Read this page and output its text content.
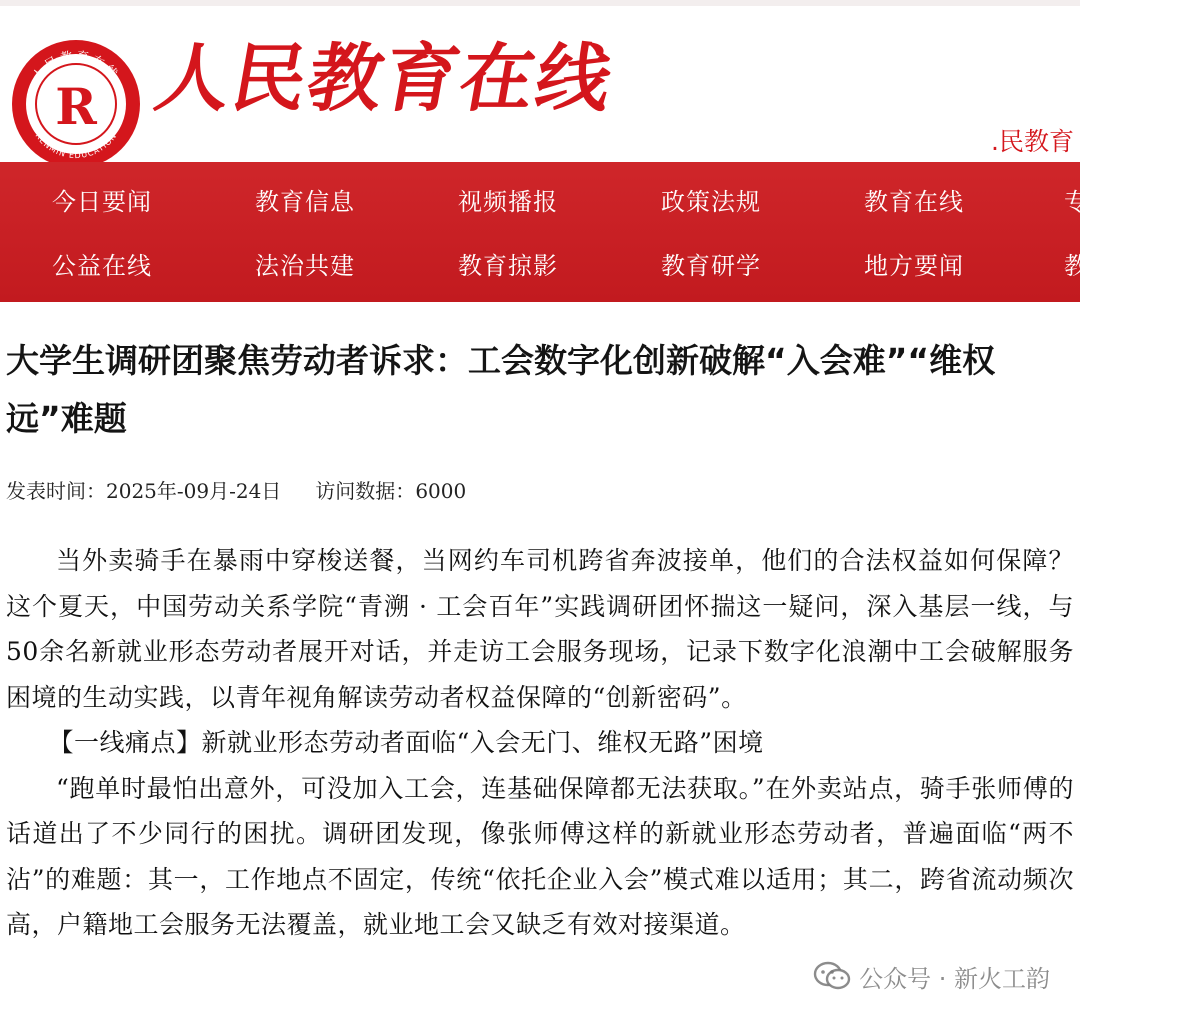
人民教育在线
RENMIN EDUCATION
R 人民教育在线
.民教育
今日要闻	教育信息	视频播报	政策法规	教育在线	专
公益在线	法治共建	教育掠影	教育研学	地方要闻	教
大学生调研团聚焦劳动者诉求：工会数字化创新破解“入会难”“维权远”难题
发表时间：2025年-09月-24日 访问数据：6000

当外卖骑手在暴雨中穿梭送餐，当网约车司机跨省奔波接单，他们的合法权益如何保障？这个夏天，中国劳动关系学院“青溯 · 工会百年”实践调研团怀揣这一疑问，深入基层一线，与50余名新就业形态劳动者展开对话，并走访工会服务现场，记录下数字化浪潮中工会破解服务困境的生动实践，以青年视角解读劳动者权益保障的“创新密码”。

【一线痛点】新就业形态劳动者面临“入会无门、维权无路”困境

“跑单时最怕出意外，可没加入工会，连基础保障都无法获取。”在外卖站点，骑手张师傅的话道出了不少同行的困扰。调研团发现，像张师傅这样的新就业形态劳动者，普遍面临“两不沾”的难题：其一，工作地点不固定，传统“依托企业入会”模式难以适用；其二，跨省流动频次高，户籍地工会服务无法覆盖，就业地工会又缺乏有效对接渠道。

公众号 · 新火工韵
